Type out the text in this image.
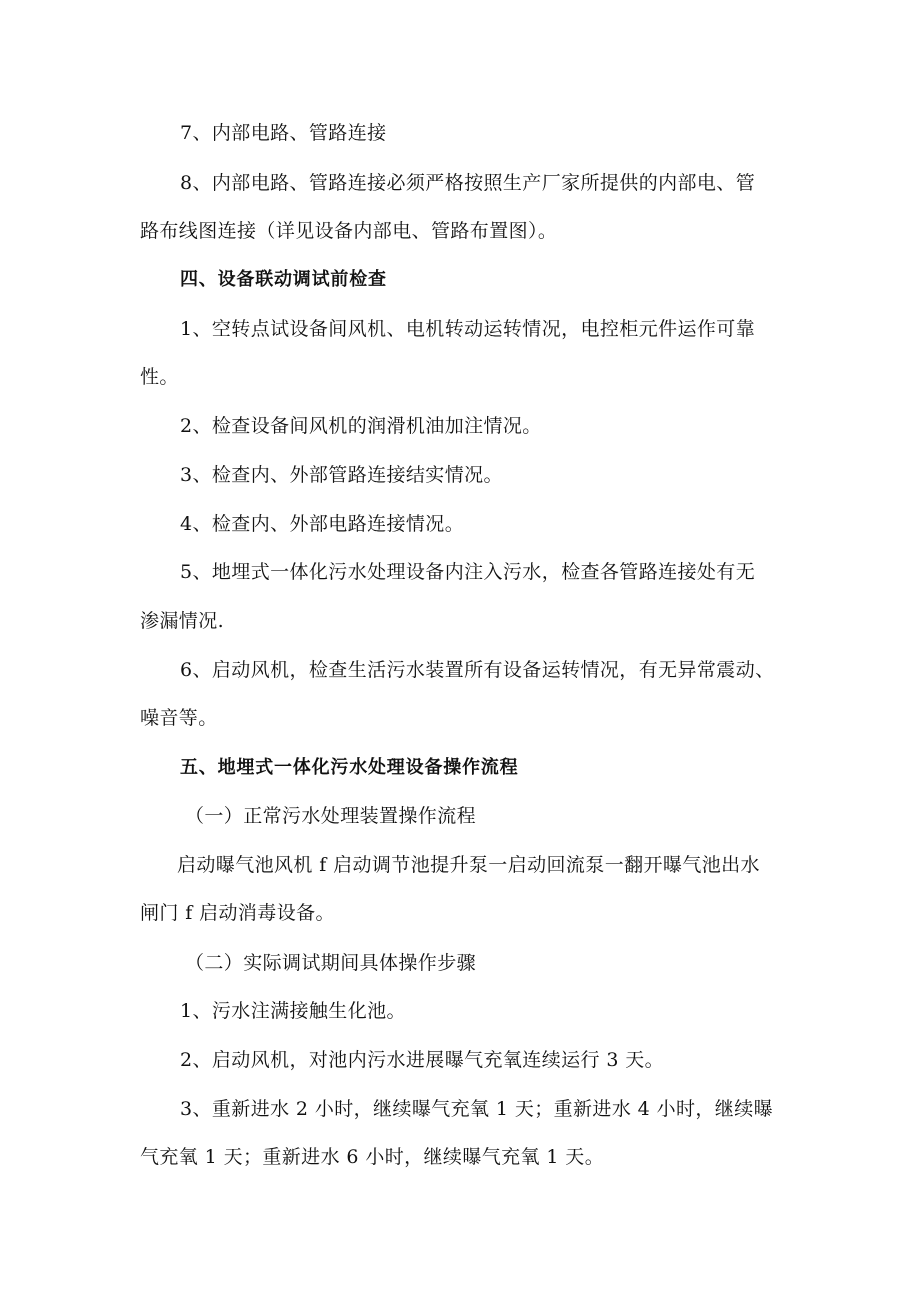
7、内部电路、管路连接
8、内部电路、管路连接必须严格按照生产厂家所提供的内部电、管
路布线图连接（详见设备内部电、管路布置图）。
四、设备联动调试前检查
1、空转点试设备间风机、电机转动运转情况，电控柜元件运作可靠
性。
2、检查设备间风机的润滑机油加注情况。
3、检查内、外部管路连接结实情况。
4、检查内、外部电路连接情况。
5、地埋式一体化污水处理设备内注入污水，检查各管路连接处有无
渗漏情况.
6、启动风机，检查生活污水装置所有设备运转情况，有无异常震动、
噪音等。
五、地埋式一体化污水处理设备操作流程
（一）正常污水处理装置操作流程
启动曝气池风机 f 启动调节池提升泵一启动回流泵一翻开曝气池出水
闸门 f 启动消毒设备。
（二）实际调试期间具体操作步骤
1、污水注满接触生化池。
2、启动风机，对池内污水进展曝气充氧连续运行 3 天。
3、重新进水 2 小时，继续曝气充氧 1 天；重新进水 4 小时，继续曝
气充氧 1 天；重新进水 6 小时，继续曝气充氧 1 天。
